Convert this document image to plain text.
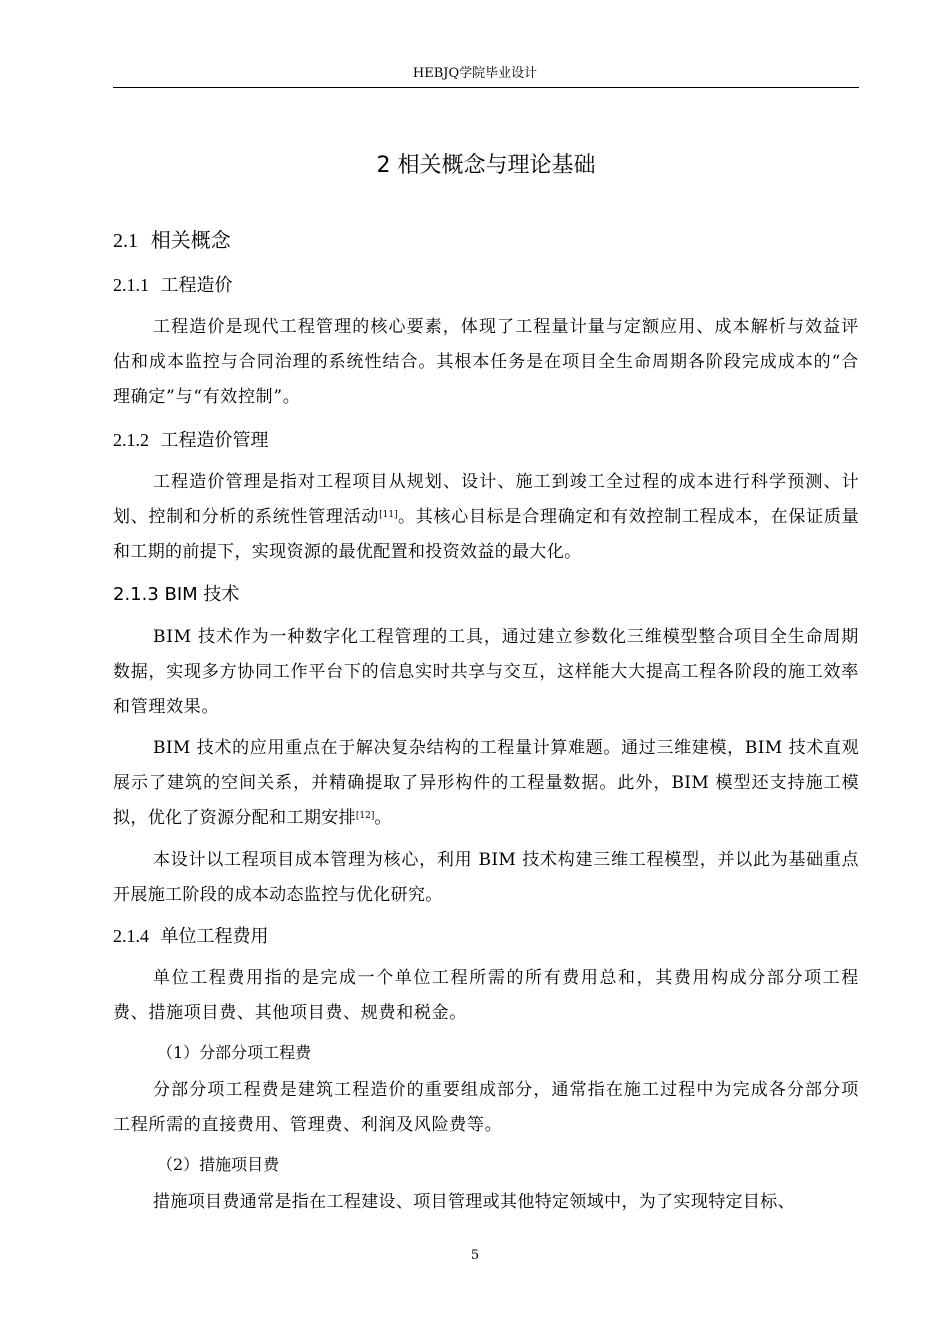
HEBJQ学院毕业设计
2 相关概念与理论基础
2.1 相关概念
2.1.1 工程造价
工程造价是现代工程管理的核心要素，体现了工程量计量与定额应用、成本解析与效益评估和成本监控与合同治理的系统性结合。其根本任务是在项目全生命周期各阶段完成成本的“合理确定”与“有效控制”。
2.1.2 工程造价管理
工程造价管理是指对工程项目从规划、设计、施工到竣工全过程的成本进行科学预测、计划、控制和分析的系统性管理活动[11]。其核心目标是合理确定和有效控制工程成本，在保证质量和工期的前提下，实现资源的最优配置和投资效益的最大化。
2.1.3 BIM 技术
BIM 技术作为一种数字化工程管理的工具，通过建立参数化三维模型整合项目全生命周期数据，实现多方协同工作平台下的信息实时共享与交互，这样能大大提高工程各阶段的施工效率和管理效果。
BIM 技术的应用重点在于解决复杂结构的工程量计算难题。通过三维建模，BIM 技术直观展示了建筑的空间关系，并精确提取了异形构件的工程量数据。此外，BIM 模型还支持施工模拟，优化了资源分配和工期安排[12]。
本设计以工程项目成本管理为核心，利用 BIM 技术构建三维工程模型，并以此为基础重点开展施工阶段的成本动态监控与优化研究。
2.1.4 单位工程费用
单位工程费用指的是完成一个单位工程所需的所有费用总和，其费用构成分部分项工程费、措施项目费、其他项目费、规费和税金。
（1）分部分项工程费
分部分项工程费是建筑工程造价的重要组成部分，通常指在施工过程中为完成各分部分项工程所需的直接费用、管理费、利润及风险费等。
（2）措施项目费
措施项目费通常是指在工程建设、项目管理或其他特定领域中，为了实现特定目标、
5
